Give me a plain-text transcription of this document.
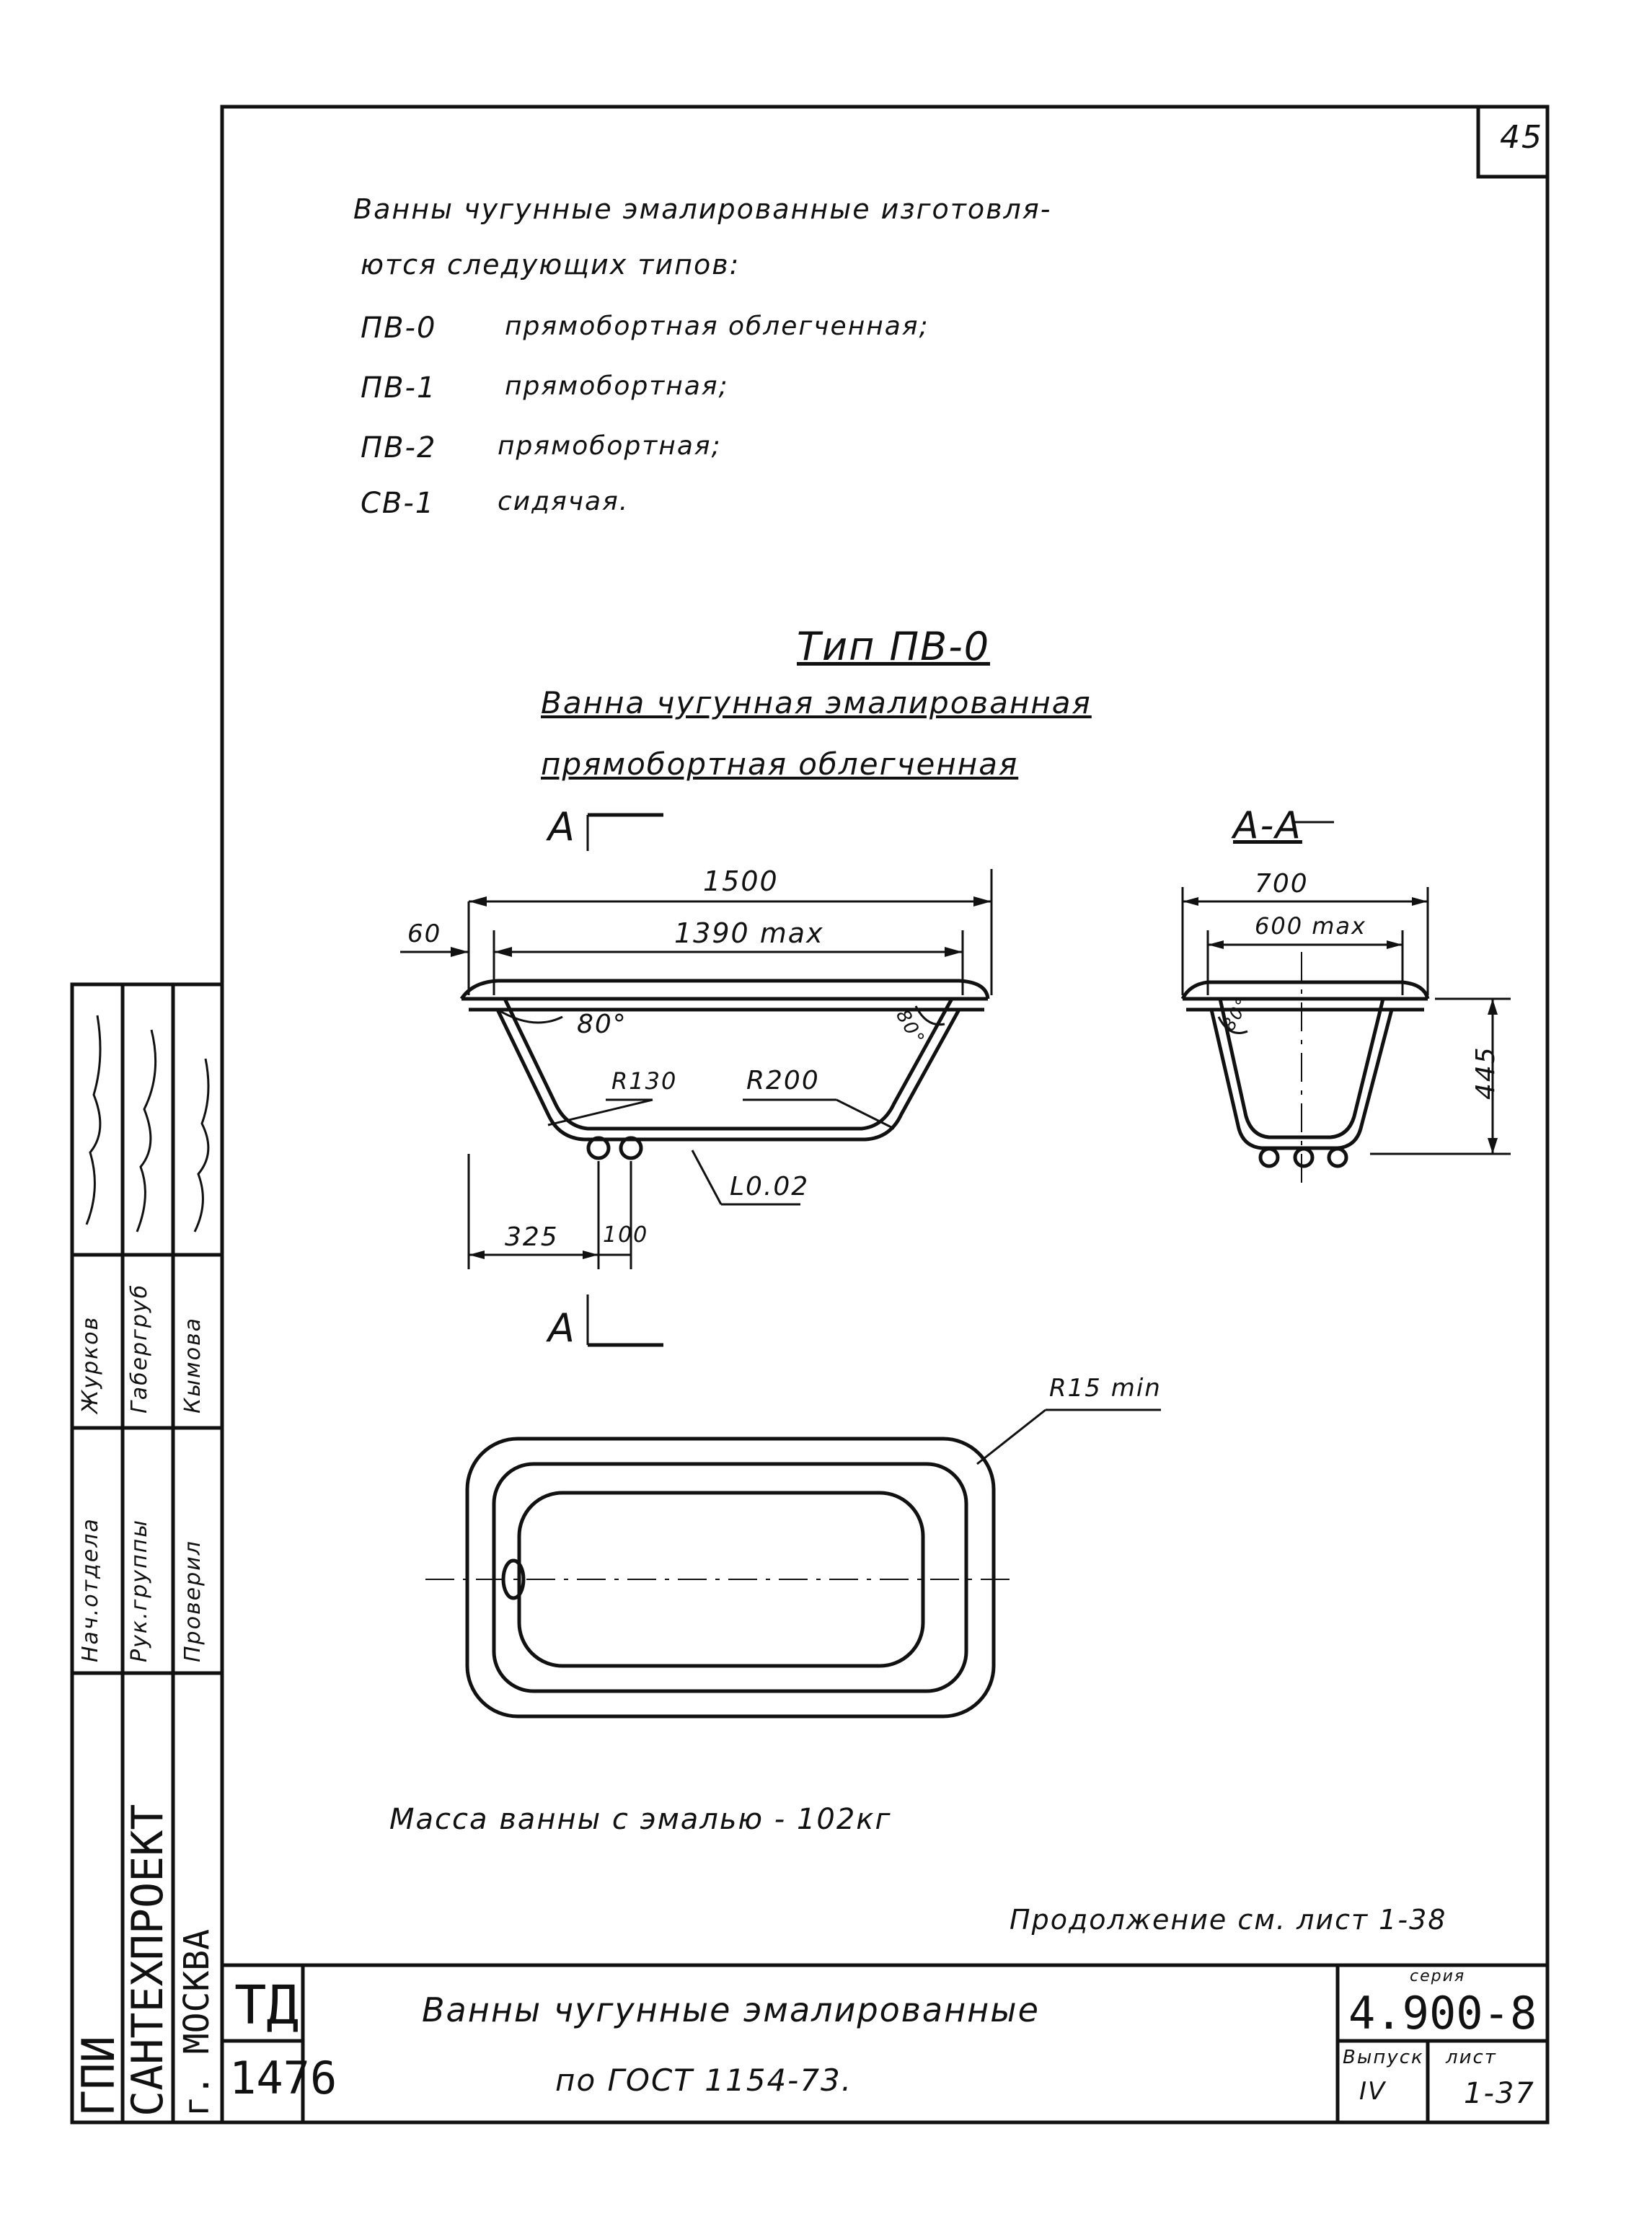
45
Ванны чугунные эмалированные изготовля-
ются следующих типов:
ПВ-0	прямобортная облегченная;
ПВ-1	прямобортная;
ПВ-2 прямобортная;
СВ-1 сидячая.
Тип ПВ-0
Ванна чугунная эмалированная
прямобортная облегченная
А
А
А-А
1500
1390 max
60
80°	80°
R130	R200
L0.02
325 100
700
600 max
445
80°
R15 min
Масса ванны с эмалью - 102кг
Продолжение см. лист 1-38
ТД
1476
Ванны чугунные эмалированные
по ГОСТ 1154-73.
серия
4.900-8
Выпуск
IV
лист
1-37
ГПИ
САНТЕХПРОЕКТ г. МОСКВА
Нач.отдела Рук.группы Проверил
Журков Габергруб Кымова
